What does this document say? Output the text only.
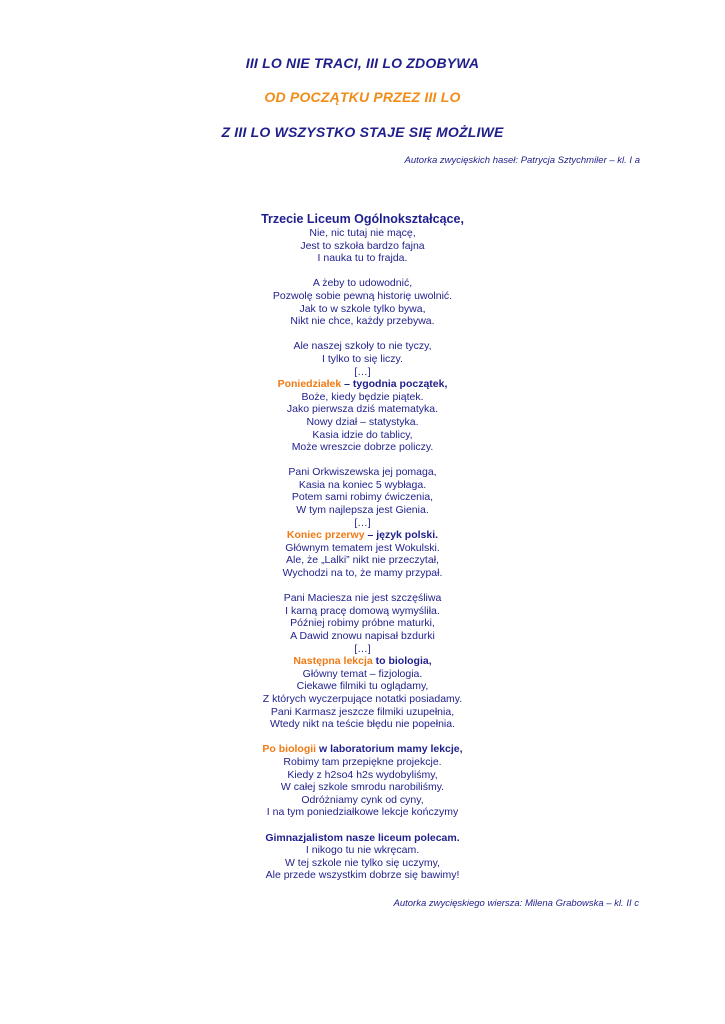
III LO NIE TRACI, III LO ZDOBYWA
OD POCZĄTKU PRZEZ III LO
Z III LO WSZYSTKO STAJE SIĘ MOŻLIWE
Autorka zwycięskich haseł: Patrycja Sztychmiler – kl. I a
Trzecie Liceum Ogólnokształcące,
Nie, nic tutaj nie mącę,
Jest to szkoła bardzo fajna
I nauka tu to frajda.
A żeby to udowodnić,
Pozwolę sobie pewną historię uwolnić.
Jak to w szkole tylko bywa,
Nikt nie chce, każdy przebywa.
Ale naszej szkoły to nie tyczy,
I tylko to się liczy.
[…]
Poniedziałek – tygodnia początek,
Boże, kiedy będzie piątek.
Jako pierwsza dziś matematyka.
Nowy dział – statystyka.
Kasia idzie do tablicy,
Może wreszcie dobrze policzy.
Pani Orkwiszewska jej pomaga,
Kasia na koniec 5 wybłaga.
Potem sami robimy ćwiczenia,
W tym najlepsza jest Gienia.
[…]
Koniec przerwy – język polski.
Głównym tematem jest Wokulski.
Ale, że „Lalki” nikt nie przeczytał,
Wychodzi na to, że mamy przypał.
Pani Maciesza nie jest szczęśliwa
I karną pracę domową wymyśliła.
Później robimy próbne maturki,
A Dawid znowu napisał bzdurki
[…]
Następna lekcja to biologia,
Główny temat – fizjologia.
Ciekawe filmiki tu oglądamy,
Z których wyczerpujące notatki posiadamy.
Pani Karmasz jeszcze filmiki uzupełnia,
Wtedy nikt na teście błędu nie popełnia.
Po biologii w laboratorium mamy lekcje,
Robimy tam przepiękne projekcje.
Kiedy z h2so4 h2s wydobyliśmy,
W całej szkole smrodu narobiliśmy.
Odróżniamy cynk od cyny,
I na tym poniedziałkowe lekcje kończymy
Gimnazjalistom nasze liceum polecam.
I nikogo tu nie wkręcam.
W tej szkole nie tylko się uczymy,
Ale przede wszystkim dobrze się bawimy!
Autorka zwycięskiego wiersza: Milena Grabowska – kl. II c
